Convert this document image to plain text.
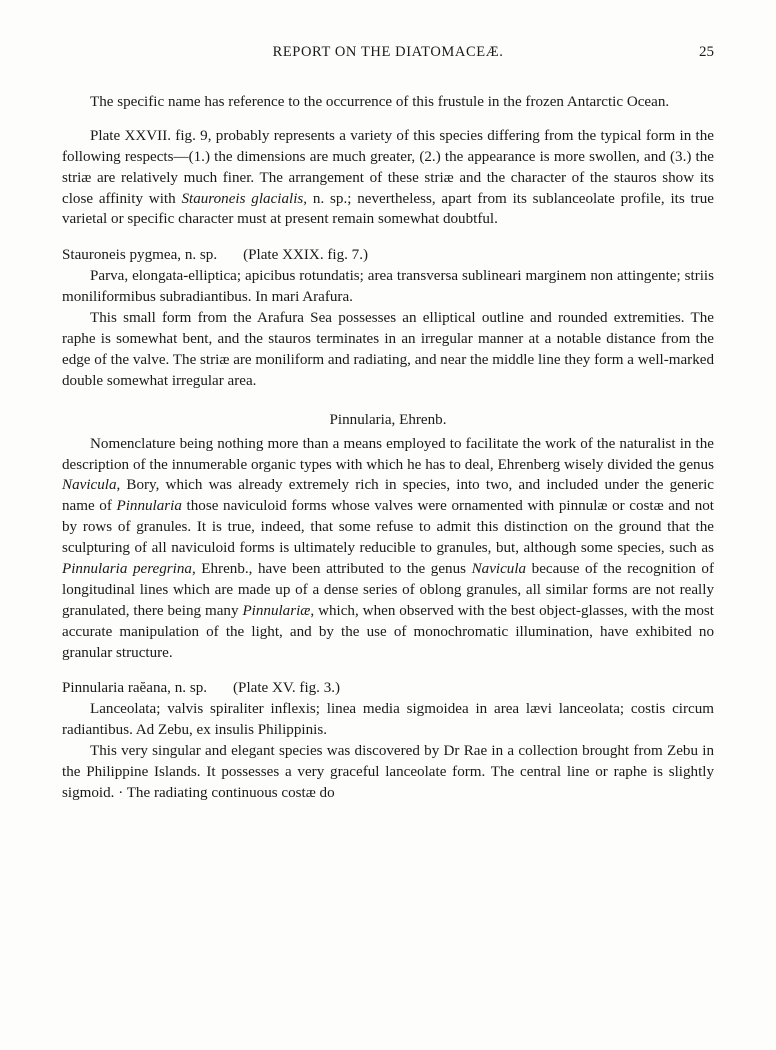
REPORT ON THE DIATOMACEÆ.	25

The specific name has reference to the occurrence of this frustule in the frozen Antarctic Ocean.

Plate XXVII. fig. 9, probably represents a variety of this species differing from the typical form in the following respects—(1.) the dimensions are much greater, (2.) the appearance is more swollen, and (3.) the striæ are relatively much finer. The arrangement of these striæ and the character of the stauros show its close affinity with Stauroneis glacialis, n. sp.; nevertheless, apart from its sublanceolate profile, its true varietal or specific character must at present remain somewhat doubtful.

Stauroneis pygmea, n. sp. (Plate XXIX. fig. 7.)

Parva, elongata-elliptica; apicibus rotundatis; area transversa sublineari marginem non attingente; striis moniliformibus subradiantibus. In mari Arafura.

This small form from the Arafura Sea possesses an elliptical outline and rounded extremities. The raphe is somewhat bent, and the stauros terminates in an irregular manner at a notable distance from the edge of the valve. The striæ are moniliform and radiating, and near the middle line they form a well-marked double somewhat irregular area.

Pinnularia, Ehrenb.

Nomenclature being nothing more than a means employed to facilitate the work of the naturalist in the description of the innumerable organic types with which he has to deal, Ehrenberg wisely divided the genus Navicula, Bory, which was already extremely rich in species, into two, and included under the generic name of Pinnularia those naviculoid forms whose valves were ornamented with pinnulæ or costæ and not by rows of granules. It is true, indeed, that some refuse to admit this distinction on the ground that the sculpturing of all naviculoid forms is ultimately reducible to granules, but, although some species, such as Pinnularia peregrina, Ehrenb., have been attributed to the genus Navicula because of the recognition of longitudinal lines which are made up of a dense series of oblong granules, all similar forms are not really granulated, there being many Pinnulariæ, which, when observed with the best object-glasses, with the most accurate manipulation of the light, and by the use of monochromatic illumination, have exhibited no granular structure.

Pinnularia raĕana, n. sp. (Plate XV. fig. 3.)

Lanceolata; valvis spiraliter inflexis; linea media sigmoidea in area lævi lanceolata; costis circum radiantibus. Ad Zebu, ex insulis Philippinis.

This very singular and elegant species was discovered by Dr Rae in a collection brought from Zebu in the Philippine Islands. It possesses a very graceful lanceolate form. The central line or raphe is slightly sigmoid. · The radiating continuous costæ do
